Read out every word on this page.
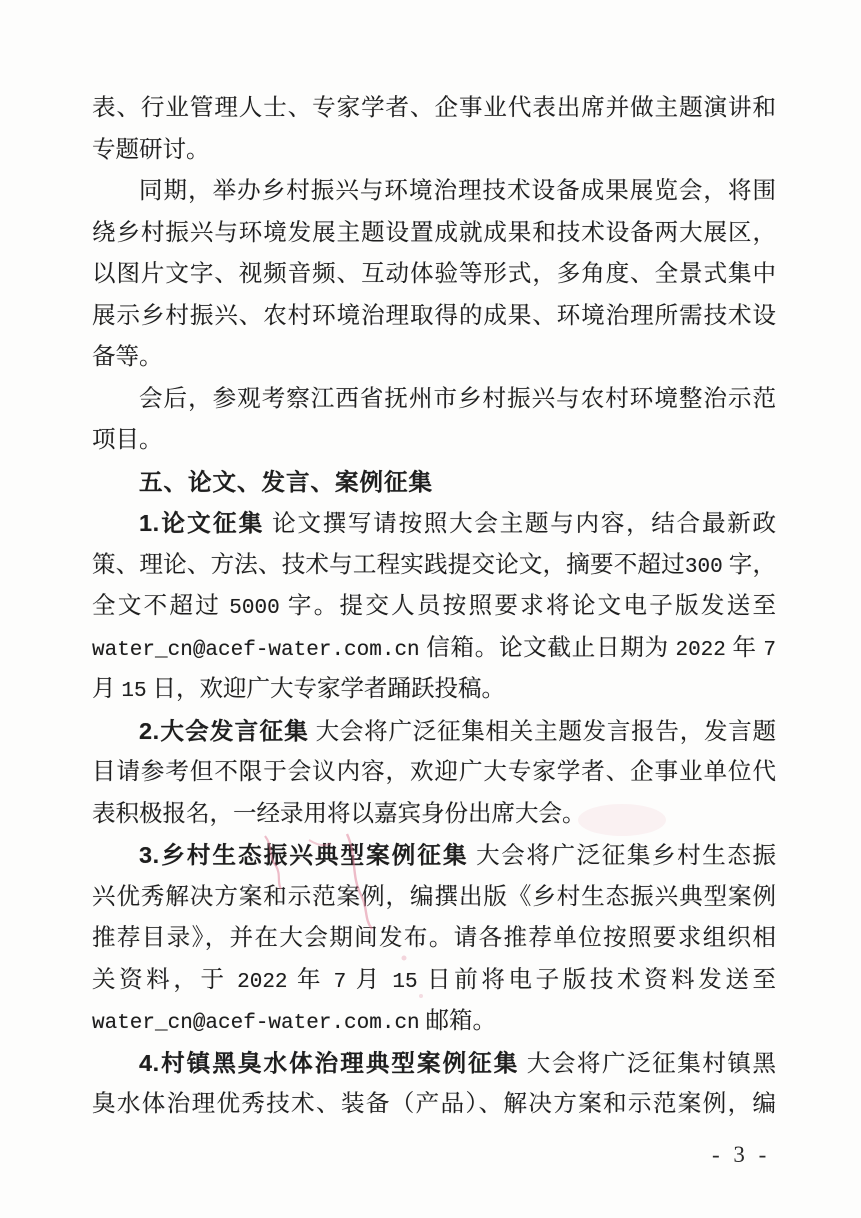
表、行业管理人士、专家学者、企事业代表出席并做主题演讲和
专题研讨。
同期，举办乡村振兴与环境治理技术设备成果展览会，将围
绕乡村振兴与环境发展主题设置成就成果和技术设备两大展区，
以图片文字、视频音频、互动体验等形式，多角度、全景式集中
展示乡村振兴、农村环境治理取得的成果、环境治理所需技术设
备等。
会后，参观考察江西省抚州市乡村振兴与农村环境整治示范
项目。
五、论文、发言、案例征集
1.论文征集 论文撰写请按照大会主题与内容，结合最新政
策、理论、方法、技术与工程实践提交论文，摘要不超过300 字，
全文不超过 5000 字。提交人员按照要求将论文电子版发送至
water_cn@acef-water.com.cn 信箱。论文截止日期为 2022 年 7
月 15 日，欢迎广大专家学者踊跃投稿。
2.大会发言征集 大会将广泛征集相关主题发言报告，发言题
目请参考但不限于会议内容，欢迎广大专家学者、企事业单位代
表积极报名，一经录用将以嘉宾身份出席大会。
3.乡村生态振兴典型案例征集 大会将广泛征集乡村生态振
兴优秀解决方案和示范案例，编撰出版《乡村生态振兴典型案例
推荐目录》，并在大会期间发布。请各推荐单位按照要求组织相
关资料，于 2022 年 7 月 15 日前将电子版技术资料发送至
water_cn@acef-water.com.cn 邮箱。
4.村镇黑臭水体治理典型案例征集 大会将广泛征集村镇黑
臭水体治理优秀技术、装备（产品）、解决方案和示范案例，编
- 3 -
